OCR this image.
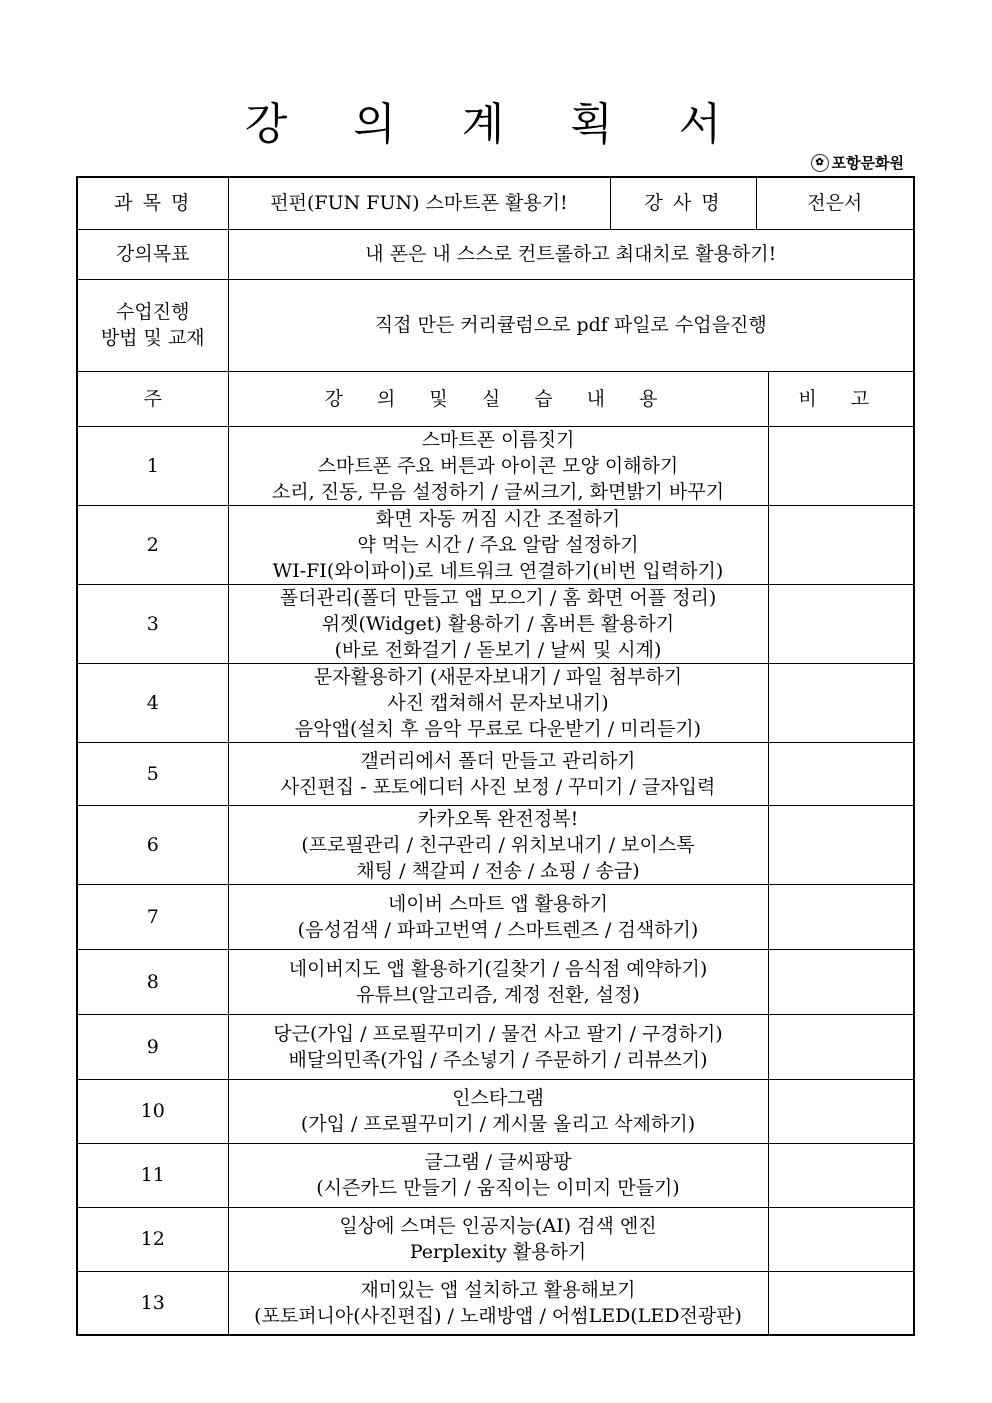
강 의 계 획 서
✿ 포항문화원
과 목 명	펀펀(FUN FUN) 스마트폰 활용기!	강 사 명	전은서	
강의목표	내 폰은 내 스스로 컨트롤하고 최대치로 활용하기!			

수업진행
방법 및 교재	직접 만든 커리큘럼으로 pdf 파일로 수업을진행			
주	강 의 및 실 습 내 용			비 고
1	스마트폰 이름짓기
스마트폰 주요 버튼과 아이콘 모양 이해하기
소리, 진동, 무음 설정하기 / 글씨크기, 화면밝기 바꾸기			

2	화면 자동 꺼짐 시간 조절하기
약 먹는 시간 / 주요 알람 설정하기
WI-FI(와이파이)로 네트워크 연결하기(비번 입력하기)			

3	폴더관리(폴더 만들고 앱 모으기 / 홈 화면 어플 정리)
위젯(Widget) 활용하기 / 홈버튼 활용하기
(바로 전화걸기 / 돋보기 / 날씨 및 시계)			

4	문자활용하기 (새문자보내기 / 파일 첨부하기
사진 캡쳐해서 문자보내기)
음악앱(설치 후 음악 무료로 다운받기 / 미리듣기)			

5	갤러리에서 폴더 만들고 관리하기
사진편집 - 포토에디터 사진 보정 / 꾸미기 / 글자입력			

6	카카오톡 완전정복!
(프로필관리 / 친구관리 / 위치보내기 / 보이스톡
채팅 / 책갈피 / 전송 / 쇼핑 / 송금)			

7	네이버 스마트 앱 활용하기
(음성검색 / 파파고번역 / 스마트렌즈 / 검색하기)			

8	네이버지도 앱 활용하기(길찾기 / 음식점 예약하기)
유튜브(알고리즘, 계정 전환, 설정)			

9	당근(가입 / 프로필꾸미기 / 물건 사고 팔기 / 구경하기)
배달의민족(가입 / 주소넣기 / 주문하기 / 리뷰쓰기)			

10	인스타그램
(가입 / 프로필꾸미기 / 게시물 올리고 삭제하기)			

11	글그램 / 글씨팡팡
(시즌카드 만들기 / 움직이는 이미지 만들기)			

12	일상에 스며든 인공지능(AI) 검색 엔진
Perplexity 활용하기			

13	재미있는 앱 설치하고 활용해보기
(포토퍼니아(사진편집) / 노래방앱 / 어썸LED(LED전광판)			
